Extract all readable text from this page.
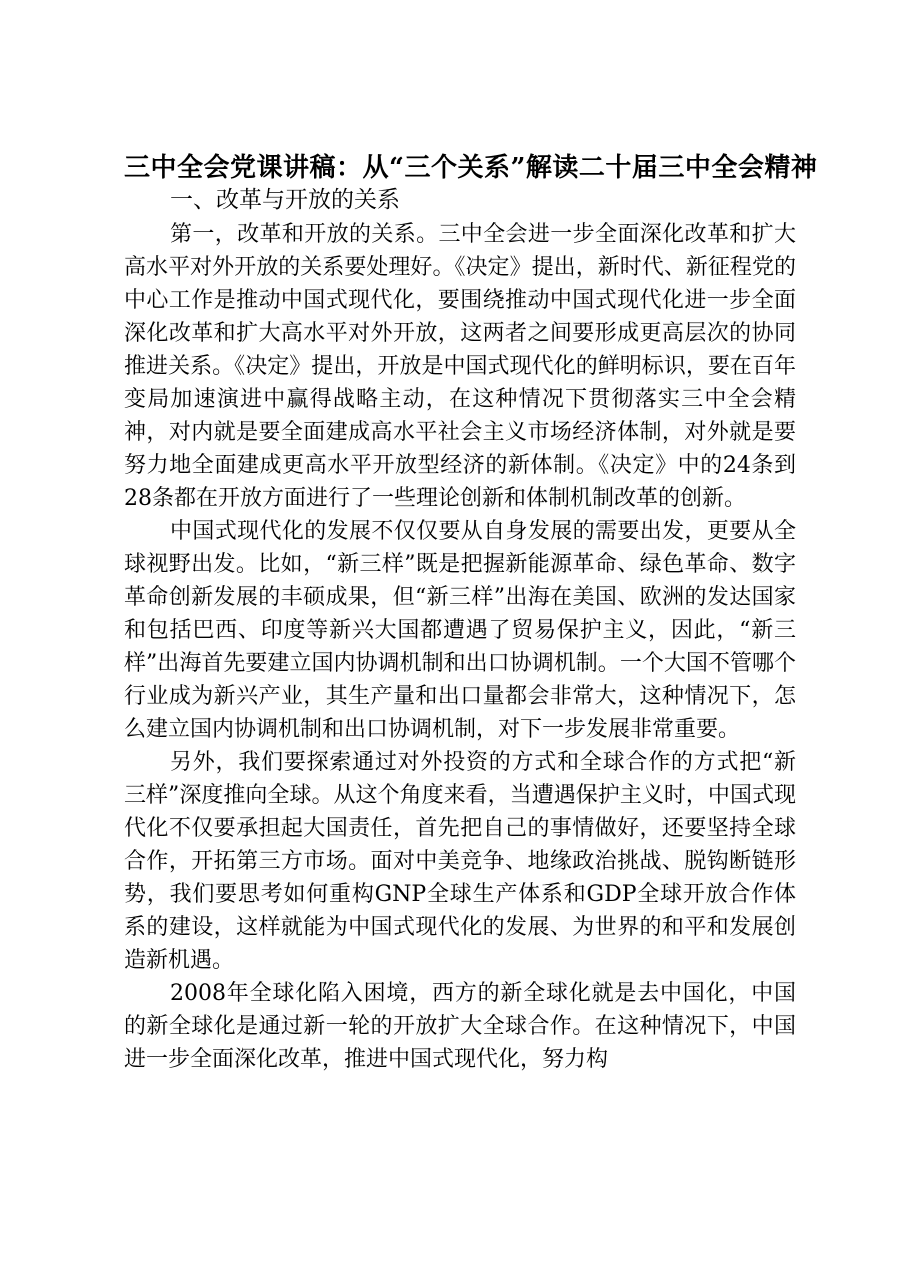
三中全会党课讲稿：从“三个关系”解读二十届三中全会精神
一、改革与开放的关系

第一，改革和开放的关系。三中全会进一步全面深化改革和扩大高水平对外开放的关系要处理好。《决定》提出，新时代、新征程党的中心工作是推动中国式现代化，要围绕推动中国式现代化进一步全面深化改革和扩大高水平对外开放，这两者之间要形成更高层次的协同推进关系。《决定》提出，开放是中国式现代化的鲜明标识，要在百年变局加速演进中赢得战略主动，在这种情况下贯彻落实三中全会精神，对内就是要全面建成高水平社会主义市场经济体制，对外就是要努力地全面建成更高水平开放型经济的新体制。《决定》中的24条到28条都在开放方面进行了一些理论创新和体制机制改革的创新。

中国式现代化的发展不仅仅要从自身发展的需要出发，更要从全球视野出发。比如，“新三样”既是把握新能源革命、绿色革命、数字革命创新发展的丰硕成果，但“新三样”出海在美国、欧洲的发达国家和包括巴西、印度等新兴大国都遭遇了贸易保护主义，因此，“新三样”出海首先要建立国内协调机制和出口协调机制。一个大国不管哪个行业成为新兴产业，其生产量和出口量都会非常大，这种情况下，怎么建立国内协调机制和出口协调机制，对下一步发展非常重要。

另外，我们要探索通过对外投资的方式和全球合作的方式把“新三样”深度推向全球。从这个角度来看，当遭遇保护主义时，中国式现代化不仅要承担起大国责任，首先把自己的事情做好，还要坚持全球合作，开拓第三方市场。面对中美竞争、地缘政治挑战、脱钩断链形势，我们要思考如何重构GNP全球生产体系和GDP全球开放合作体系的建设，这样就能为中国式现代化的发展、为世界的和平和发展创造新机遇。

2008年全球化陷入困境，西方的新全球化就是去中国化，中国的新全球化是通过新一轮的开放扩大全球合作。在这种情况下，中国进一步全面深化改革，推进中国式现代化，努力构
